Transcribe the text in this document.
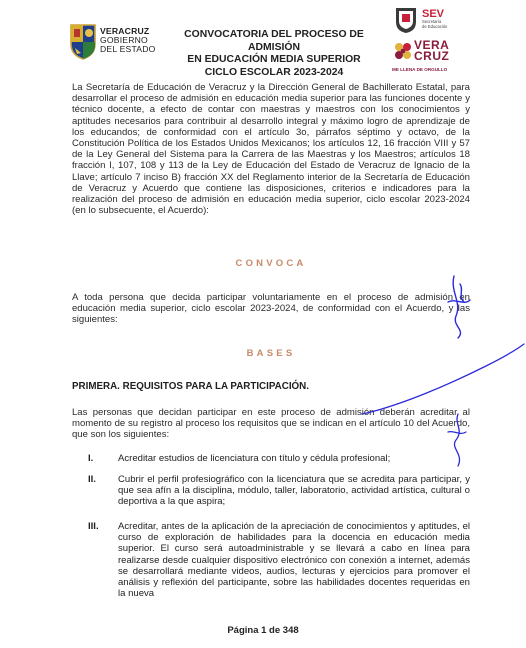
VERACRUZ
GOBIERNO
DEL ESTADO
CONVOCATORIA DEL PROCESO DE ADMISIÓN
EN EDUCACIÓN MEDIA SUPERIOR
CICLO ESCOLAR 2023-2024
SEV
Secretaría
de Educación
VERA
CRUZ
ME LLENA DE ORGULLO
La Secretaría de Educación de Veracruz y la Dirección General de Bachillerato Estatal, para desarrollar el proceso de admisión en educación media superior para las funciones docente y técnico docente, a efecto de contar con maestras y maestros con los conocimientos y aptitudes necesarios para contribuir al desarrollo integral y máximo logro de aprendizaje de los educandos; de conformidad con el artículo 3o, párrafos séptimo y octavo, de la Constitución Política de los Estados Unidos Mexicanos; los artículos 12, 16 fracción VIII y 57 de la Ley General del Sistema para la Carrera de las Maestras y los Maestros; artículos 18 fracción I, 107, 108 y 113 de la Ley de Educación del Estado de Veracruz de Ignacio de la Llave; artículo 7 inciso B) fracción XX del Reglamento interior de la Secretaría de Educación de Veracruz y Acuerdo que contiene las disposiciones, criterios e indicadores para la realización del proceso de admisión en educación media superior, ciclo escolar 2023-2024 (en lo subsecuente, el Acuerdo):
CONVOCA
A toda persona que decida participar voluntariamente en el proceso de admisión en educación media superior, ciclo escolar 2023-2024, de conformidad con el Acuerdo, y las siguientes:
BASES
PRIMERA. REQUISITOS PARA LA PARTICIPACIÓN.
Las personas que decidan participar en este proceso de admisión deberán acreditar al momento de su registro al proceso los requisitos que se indican en el artículo 10 del Acuerdo, que son los siguientes:
I.	Acreditar estudios de licenciatura con título y cédula profesional;
II. Cubrir el perfil profesiográfico con la licenciatura que se acredita para participar, y que sea afín a la disciplina, módulo, taller, laboratorio, actividad artística, cultural o deportiva a la que aspira;
III. Acreditar, antes de la aplicación de la apreciación de conocimientos y aptitudes, el curso de exploración de habilidades para la docencia en educación media superior. El curso será autoadministrable y se llevará a cabo en línea para realizarse desde cualquier dispositivo electrónico con conexión a internet, además se desarrollará mediante videos, audios, lecturas y ejercicios para promover el análisis y reflexión del participante, sobre las habilidades docentes requeridas en la nueva
Página 1 de 348
